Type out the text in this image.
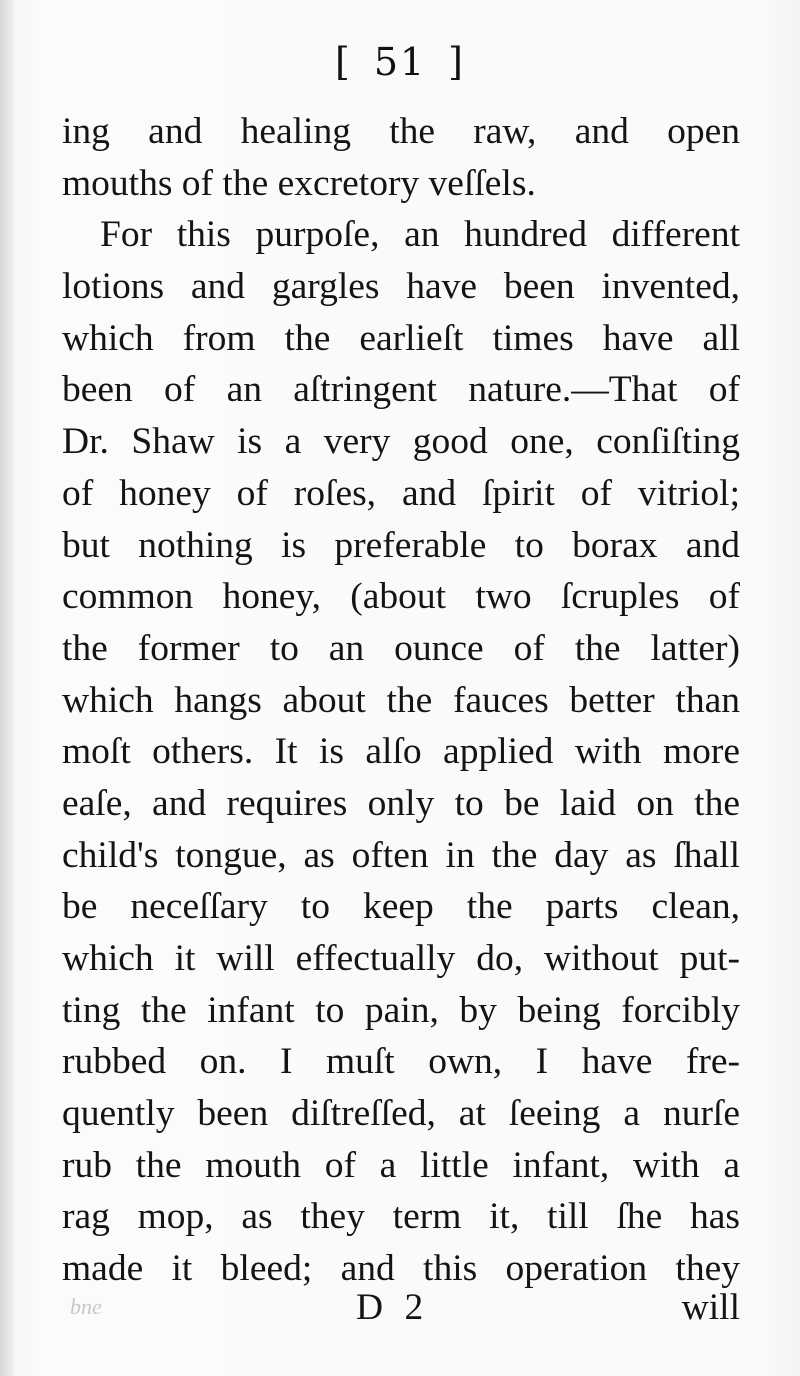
[ 51 ]
ing and healing the raw, and open
mouths of the excretory veſſels.
For this purpoſe, an hundred different
lotions and gargles have been invented,
which from the earlieſt times have all
been of an aſtringent nature.—That of
Dr. Shaw is a very good one, conſiſting
of honey of roſes, and ſpirit of vitriol;
but nothing is preferable to borax and
common honey, (about two ſcruples of
the former to an ounce of the latter)
which hangs about the fauces better than
moſt others. It is alſo applied with more
eaſe, and requires only to be laid on the
child's tongue, as often in the day as ſhall
be neceſſary to keep the parts clean,
which it will effectually do, without put-
ting the infant to pain, by being forcibly
rubbed on. I muſt own, I have fre-
quently been diſtreſſed, at ſeeing a nurſe
rub the mouth of a little infant, with a
rag mop, as they term it, till ſhe has
made it bleed; and this operation they
bne	D 2	will
